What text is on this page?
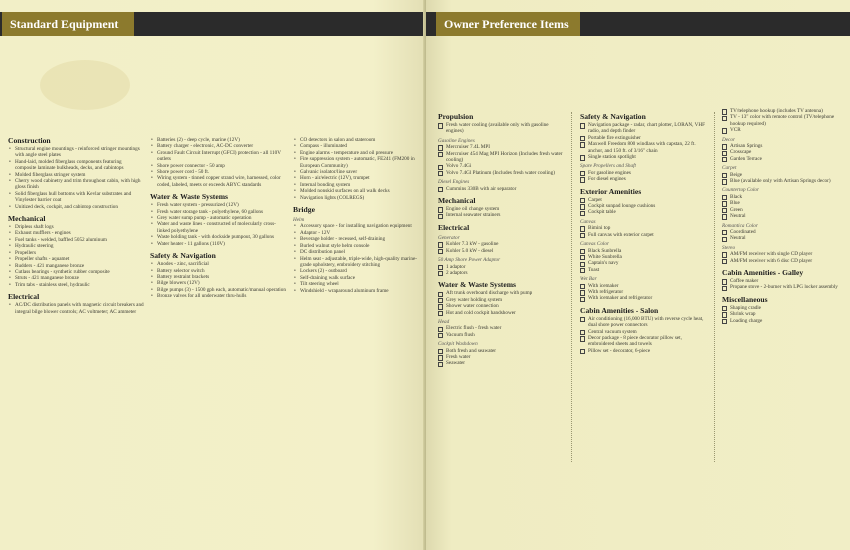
Standard Equipment
Construction
• Structural engine mountings - reinforced stringer mountings with angle steel plates
• Hand-laid, molded fiberglass components featuring composite laminate bulkheads, decks, and cabintops
• Molded fiberglass stringer system
• Cherry wood cabinetry and trim throughout cabin, with high gloss finish
• Solid fiberglass hull bottoms with Kevlar substrates and Vinylester barrier coat
• Unitized deck, cockpit, and cabintop construction
Mechanical
• Dripless shaft logs
• Exhaust mufflers - engines
• Fuel tanks - welded, baffled 5052 aluminum
• Hydraulic steering
• Propellers
• Propeller shafts - aquamet
• Rudders - 421 manganese bronze
• Cutlass bearings - synthetic rubber composite
• Struts - 421 manganese bronze
• Trim tabs - stainless steel, hydraulic
Electrical
• AC/DC distribution panels with magnetic circuit breakers and integral bilge blower controls; AC voltmeter; AC ammeter
• Batteries (2) - deep cycle, marine (12V)
• Battery charger - electronic, AC-DC converter
• Ground Fault Circuit Interrupt (GFCI) protection - all 110V outlets
• Shore power connector - 50 amp
• Shore power cord - 50 ft.
• Wiring system - tinned copper strand wire, harnessed, color coded, labeled, meets or exceeds ABYC standards
Water & Waste Systems
• Fresh water system - pressurized (12V)
• Fresh water storage tank - polyethylene, 60 gallons
• Grey water sump pump - automatic operation
• Water and waste lines - constructed of molecularly cross-linked polyethylene
• Waste holding tank - with dockside pumpout, 30 gallons
• Water heater - 11 gallons (110V)
Safety & Navigation
• Anodes - zinc, sacrificial
• Battery selector switch
• Battery restraint brackets
• Bilge blowers (12V)
• Bilge pumps (3) - 1500 gph each, automatic/manual operation
• Bronze valves for all underwater thru-hulls
• CO detectors in salon and stateroom
• Compass - illuminated
• Engine alarms - temperature and oil pressure
• Fire suppression system - automatic, FE241 (FM200 in European Community)
• Galvanic isolator/line saver
• Horn - air/electric (12V), trumpet
• Internal bonding system
• Molded nonskid surfaces on all walk decks
• Navigation lights (COLREGS)
Bridge
Helm
• Accessory space - for installing navigation equipment
• Adaptor - 12V
• Beverage holder - recessed, self-draining
• Burled walnut style helm console
• DC distribution panel
• Helm seat - adjustable, triple-wide, high-quality marine-grade upholstery, embroidery stitching
• Lockers (2) - outboard
• Self-draining walk surface
• Tilt steering wheel
• Windshield - wraparound aluminum frame
Owner Preference Items
Propulsion
Fresh water cooling (available only with gasoline engines)
Gasoline Engines
Mercruiser 7.4L MPI
Mercruiser 454 Mag MPI Horizon (Includes fresh water cooling)
Volvo 7.4Gi
Volvo 7.4Gl Platinum (Includes fresh water cooling)
Diesel Engines
Cummins 330B with air separator
Mechanical
Engine oil change system
Internal seawater strainers
Electrical
Generator
Kohler 7.3 kW - gasoline
Kohler 5.0 kW - diesel
50 Amp Shore Power Adaptor
1 adaptor
2 adaptors
Water & Waste Systems
Aft trunk overboard discharge with pump
Grey water holding system
Shower water connection
Hot and cold cockpit handshower
Head
Electric flush - fresh water
Vacuum flush
Cockpit Washdown
Both fresh and seawater
Fresh water
Seawater
Safety & Navigation
Navigation package - radar, chart plotter, LORAN, VHF radio, and depth finder
Portable fire extinguisher
Maxwell Freedom 800 windlass with capstan, 22 ft. anchor, and 150 ft. of 3/16" chain
Single station spotlight
Spare Propellers and Shaft
For gasoline engines
For diesel engines
Exterior Amenities
Carpet
Cockpit sunpad lounge cushions
Cockpit table
Canvas
Bimini top
Full canvas with exterior carpet
Canvas Color
Black Sunbrella
White Sunbrella
Captain's navy
Toast
Wet Bar
With icemaker
With refrigerator
With icemaker and refrigerator
Cabin Amenities - Salon
Air conditioning (16,000 BTU) with reverse cycle heat, dual shore power connectors
Central vacuum system
Decor package - 8 piece decorator pillow set, embroidered sheets and towels
Pillow set - decorator, 6-piece
TV/telephone hookup (includes TV antenna)
TV - 13" color with remote control (TV/telephone hookup required)
VCR
Decor
Artisan Springs
Crosscape
Garden Terrace
Carpet
Beige
Blue (available only with Artisan Springs decor)
Countertop Color
Black
Blue
Green
Neutral
Romantica Color
Coordinated
Neutral
Stereo
AM/FM receiver with single CD player
AM/FM receiver with 6 disc CD player
Cabin Amenities - Galley
Coffee maker
Propane stove - 2-burner with LPG locker assembly
Miscellaneous
Shaping cradle
Shrink wrap
Loading charge
